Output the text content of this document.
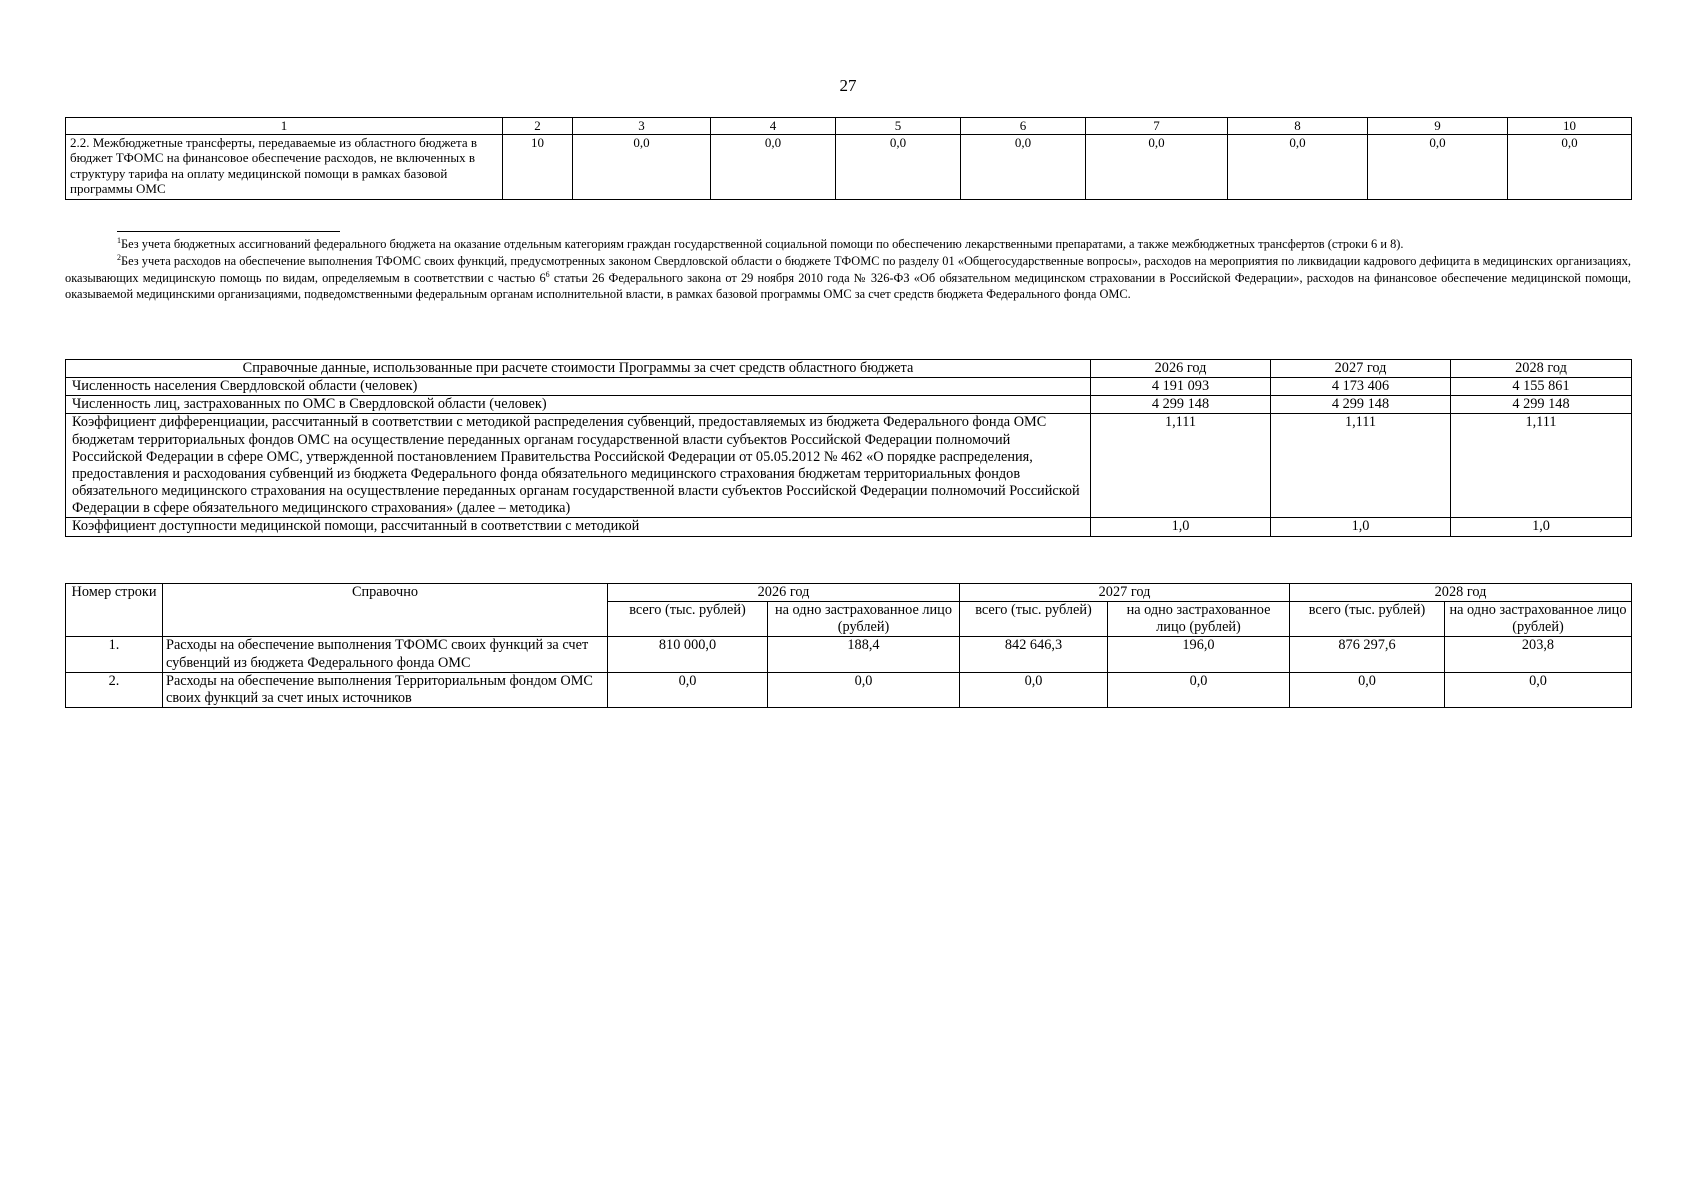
27
1	2	3	4	5	6	7	8	9	10
2.2. Межбюджетные трансферты, передаваемые из областного бюджета в бюджет ТФОМС на финансовое обеспечение расходов, не включенных в структуру тарифа на оплату медицинской помощи в рамках базовой программы ОМС	10	0,0	0,0	0,0	0,0	0,0	0,0	0,0	0,0

$^1$Без учета бюджетных ассигнований федерального бюджета на оказание отдельным категориям граждан государственной социальной помощи по обеспечению лекарственными препаратами, а также межбюджетных трансфертов (строки 6 и 8).

$^2$Без учета расходов на обеспечение выполнения ТФОМС своих функций, предусмотренных законом Свердловской области о бюджете ТФОМС по разделу 01 «Общегосударственные вопросы», расходов на мероприятия по ликвидации кадрового дефицита в медицинских организациях, оказывающих медицинскую помощь по видам, определяемым в соответствии с частью $6^6$ статьи 26 Федерального закона от 29 ноября 2010 года № 326-ФЗ «Об обязательном медицинском страховании в Российской Федерации», расходов на финансовое обеспечение медицинской помощи, оказываемой медицинскими организациями, подведомственными федеральным органам исполнительной власти, в рамках базовой программы ОМС за счет средств бюджета Федерального фонда ОМС.

Справочные данные, использованные при расчете стоимости Программы за счет средств областного бюджета	2026 год	2027 год	2028 год
Численность населения Свердловской области (человек)	4 191 093	4 173 406	4 155 861
Численность лиц, застрахованных по ОМС в Свердловской области (человек)	4 299 148	4 299 148	4 299 148
Коэффициент дифференциации, рассчитанный в соответствии с методикой распределения субвенций, предоставляемых из бюджета Федерального фонда ОМС бюджетам территориальных фондов ОМС на осуществление переданных органам государственной власти субъектов Российской Федерации полномочий Российской Федерации в сфере ОМС, утвержденной постановлением Правительства Российской Федерации от 05.05.2012 № 462 «О порядке распределения, предоставления и расходования субвенций из бюджета Федерального фонда обязательного медицинского страхования бюджетам территориальных фондов обязательного медицинского страхования на осуществление переданных органам государственной власти субъектов Российской Федерации полномочий Российской Федерации в сфере обязательного медицинского страхования» (далее – методика)	1,111	1,111	1,111
Коэффициент доступности медицинской помощи, рассчитанный в соответствии с методикой	1,0	1,0	1,0
Номер строки	Справочно	2026 год		2027 год		2028 год	
		всего (тыс. рублей)	на одно застрахованное лицо (рублей)	всего (тыс. рублей)	на одно застрахованное лицо (рублей)	всего (тыс. рублей)	на одно застрахованное лицо (рублей)
1.	Расходы на обеспечение выполнения ТФОМС своих функций за счет субвенций из бюджета Федерального фонда ОМС	810 000,0	188,4	842 646,3	196,0	876 297,6	203,8
2.	Расходы на обеспечение выполнения Территориальным фондом ОМС своих функций за счет иных источников	0,0	0,0	0,0	0,0	0,0	0,0
